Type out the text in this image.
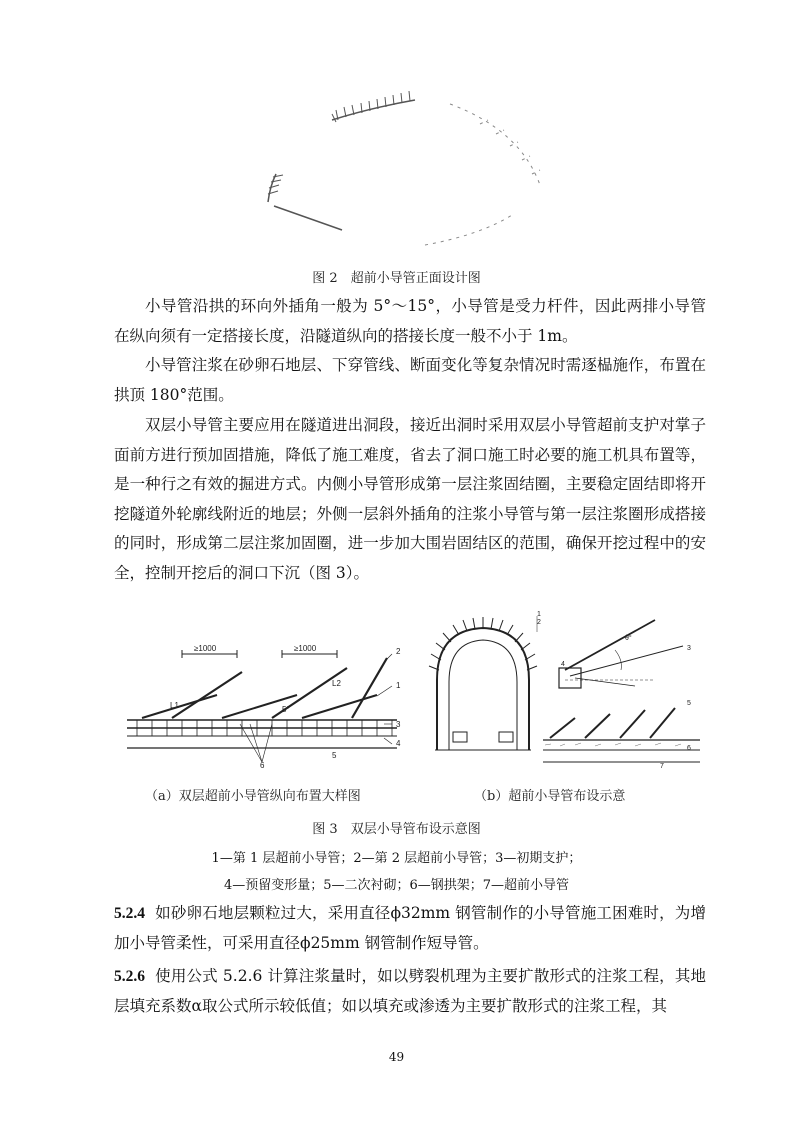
图 2　超前小导管正面设计图
小导管沿拱的环向外插角一般为 5°～15°，小导管是受力杆件，因此两排小导管在纵向须有一定搭接长度，沿隧道纵向的搭接长度一般不小于 1m。
小导管注浆在砂卵石地层、下穿管线、断面变化等复杂情况时需逐榀施作，布置在拱顶 180°范围。
双层小导管主要应用在隧道进出洞段，接近出洞时采用双层小导管超前支护对掌子面前方进行预加固措施，降低了施工难度，省去了洞口施工时必要的施工机具布置等，是一种行之有效的掘进方式。内侧小导管形成第一层注浆固结圈，主要稳定固结即将开挖隧道外轮廓线附近的地层；外侧一层斜外插角的注浆小导管与第一层注浆圈形成搭接的同时，形成第二层注浆加固圈，进一步加大围岩固结区的范围，确保开挖过程中的安全，控制开挖后的洞口下沉（图 3）。
≥1000	≥1000
L1
L2
5°
2
1
3
4
5
6
θ°
1
2
3
4
5
6
7
（a）双层超前小导管纵向布置大样图	（b）超前小导管布设示意
图 3　双层小导管布设示意图
1—第 1 层超前小导管；2—第 2 层超前小导管；3—初期支护；
4—预留变形量；5—二次衬砌；6—钢拱架；7—超前小导管
5.2.4 如砂卵石地层颗粒过大，采用直径ϕ32mm 钢管制作的小导管施工困难时，为增加小导管柔性，可采用直径ϕ25mm 钢管制作短导管。
5.2.6 使用公式 5.2.6 计算注浆量时，如以劈裂机理为主要扩散形式的注浆工程，其地层填充系数α取公式所示较低值；如以填充或渗透为主要扩散形式的注浆工程，其
49
